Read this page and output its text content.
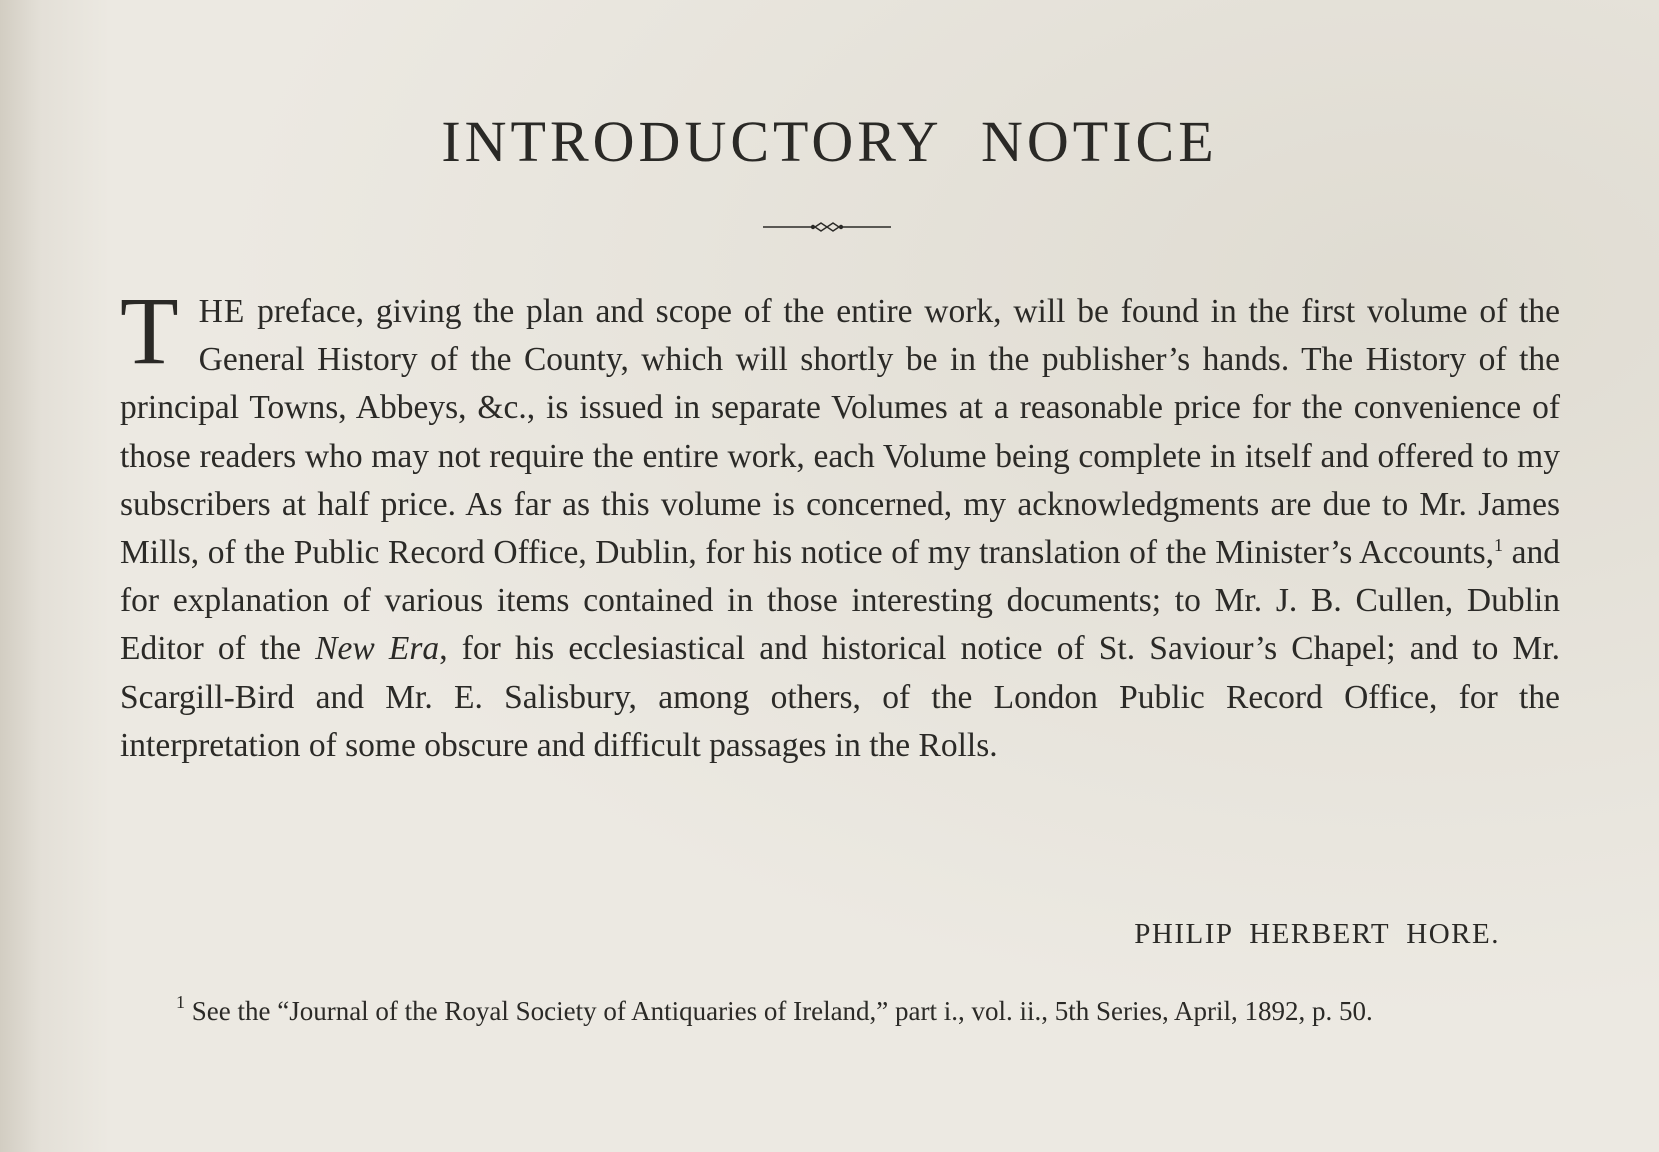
INTRODUCTORY NOTICE

THE preface, giving the plan and scope of the entire work, will be found in the first volume of the General History of the County, which will shortly be in the publisher’s hands. The History of the principal Towns, Abbeys, &c., is issued in separate Volumes at a reasonable price for the convenience of those readers who may not require the entire work, each Volume being complete in itself and offered to my subscribers at half price. As far as this volume is concerned, my acknowledgments are due to Mr. James Mills, of the Public Record Office, Dublin, for his notice of my translation of the Minister’s Accounts,$^1$ and for explanation of various items contained in those interesting documents; to Mr. J. B. Cullen, Dublin Editor of the New Era, for his ecclesiastical and historical notice of St. Saviour’s Chapel; and to Mr. Scargill-Bird and Mr. E. Salisbury, among others, of the London Public Record Office, for the interpretation of some obscure and difficult passages in the Rolls.

PHILIP HERBERT HORE.

$^1$ See the “Journal of the Royal Society of Antiquaries of Ireland,” part i., vol. ii., 5th Series, April, 1892, p. 50.
